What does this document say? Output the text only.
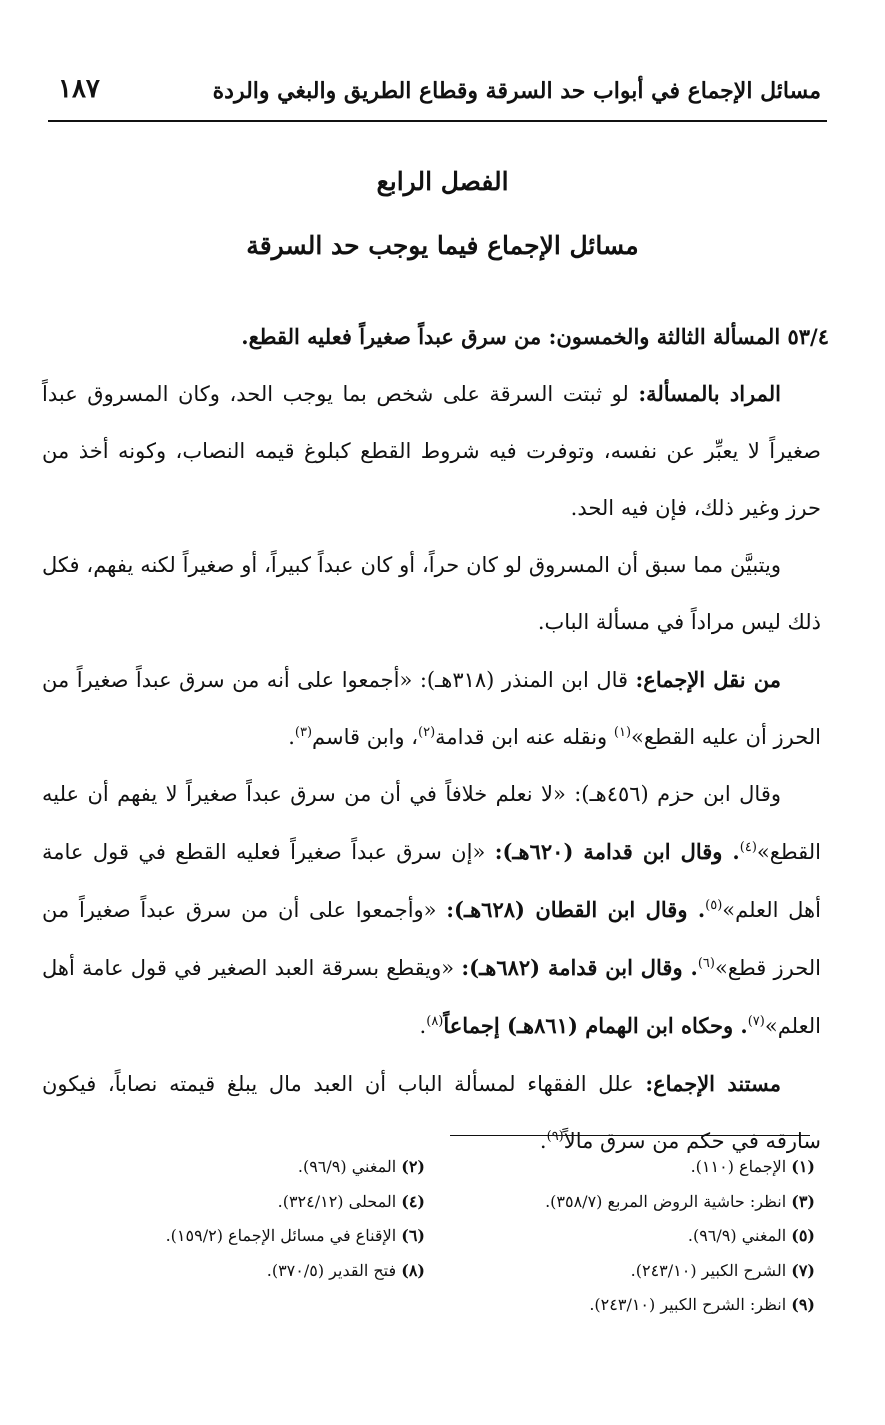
مسائل الإجماع في أبواب حد السرقة وقطاع الطريق والبغي والردة
١٨٧
الفصل الرابع
مسائل الإجماع فيما يوجب حد السرقة

٥٣/٤ المسألة الثالثة والخمسون: من سرق عبداً صغيراً فعليه القطع.

المراد بالمسألة: لو ثبتت السرقة على شخص بما يوجب الحد، وكان المسروق عبداً صغيراً لا يعبِّر عن نفسه، وتوفرت فيه شروط القطع كبلوغ قيمه النصاب، وكونه أخذ من حرز وغير ذلك، فإن فيه الحد.

ويتبيَّن مما سبق أن المسروق لو كان حراً، أو كان عبداً كبيراً، أو صغيراً لكنه يفهم، فكل ذلك ليس مراداً في مسألة الباب.

من نقل الإجماع: قال ابن المنذر (٣١٨هـ): «أجمعوا على أنه من سرق عبداً صغيراً من الحرز أن عليه القطع»$^{(١)}$ ونقله عنه ابن قدامة$^{(٢)}$، وابن قاسم$^{(٣)}$.

وقال ابن حزم (٤٥٦هـ): «لا نعلم خلافاً في أن من سرق عبداً صغيراً لا يفهم أن عليه القطع»$^{(٤)}$. وقال ابن قدامة (٦٢٠هـ): «إن سرق عبداً صغيراً فعليه القطع في قول عامة أهل العلم»$^{(٥)}$. وقال ابن القطان (٦٢٨هـ): «وأجمعوا على أن من سرق عبداً صغيراً من الحرز قطع»$^{(٦)}$. وقال ابن قدامة (٦٨٢هـ): «ويقطع بسرقة العبد الصغير في قول عامة أهل العلم»$^{(٧)}$. وحكاه ابن الهمام (٨٦١هـ) إجماعاً$^{(٨)}$.

مستند الإجماع: علل الفقهاء لمسألة الباب أن العبد مال يبلغ قيمته نصاباً، فيكون سارقه في حكم من سرق مالاً$^{(٩)}$.

(١) الإجماع (١١٠).
(٣) انظر: حاشية الروض المربع (٣٥٨/٧).
(٥) المغني (٩٦/٩).
(٧) الشرح الكبير (٢٤٣/١٠).
(٩) انظر: الشرح الكبير (٢٤٣/١٠).
(٢) المغني (٩٦/٩).
(٤) المحلى (٣٢٤/١٢).
(٦) الإقناع في مسائل الإجماع (١٥٩/٢).
(٨) فتح القدير (٣٧٠/٥).
